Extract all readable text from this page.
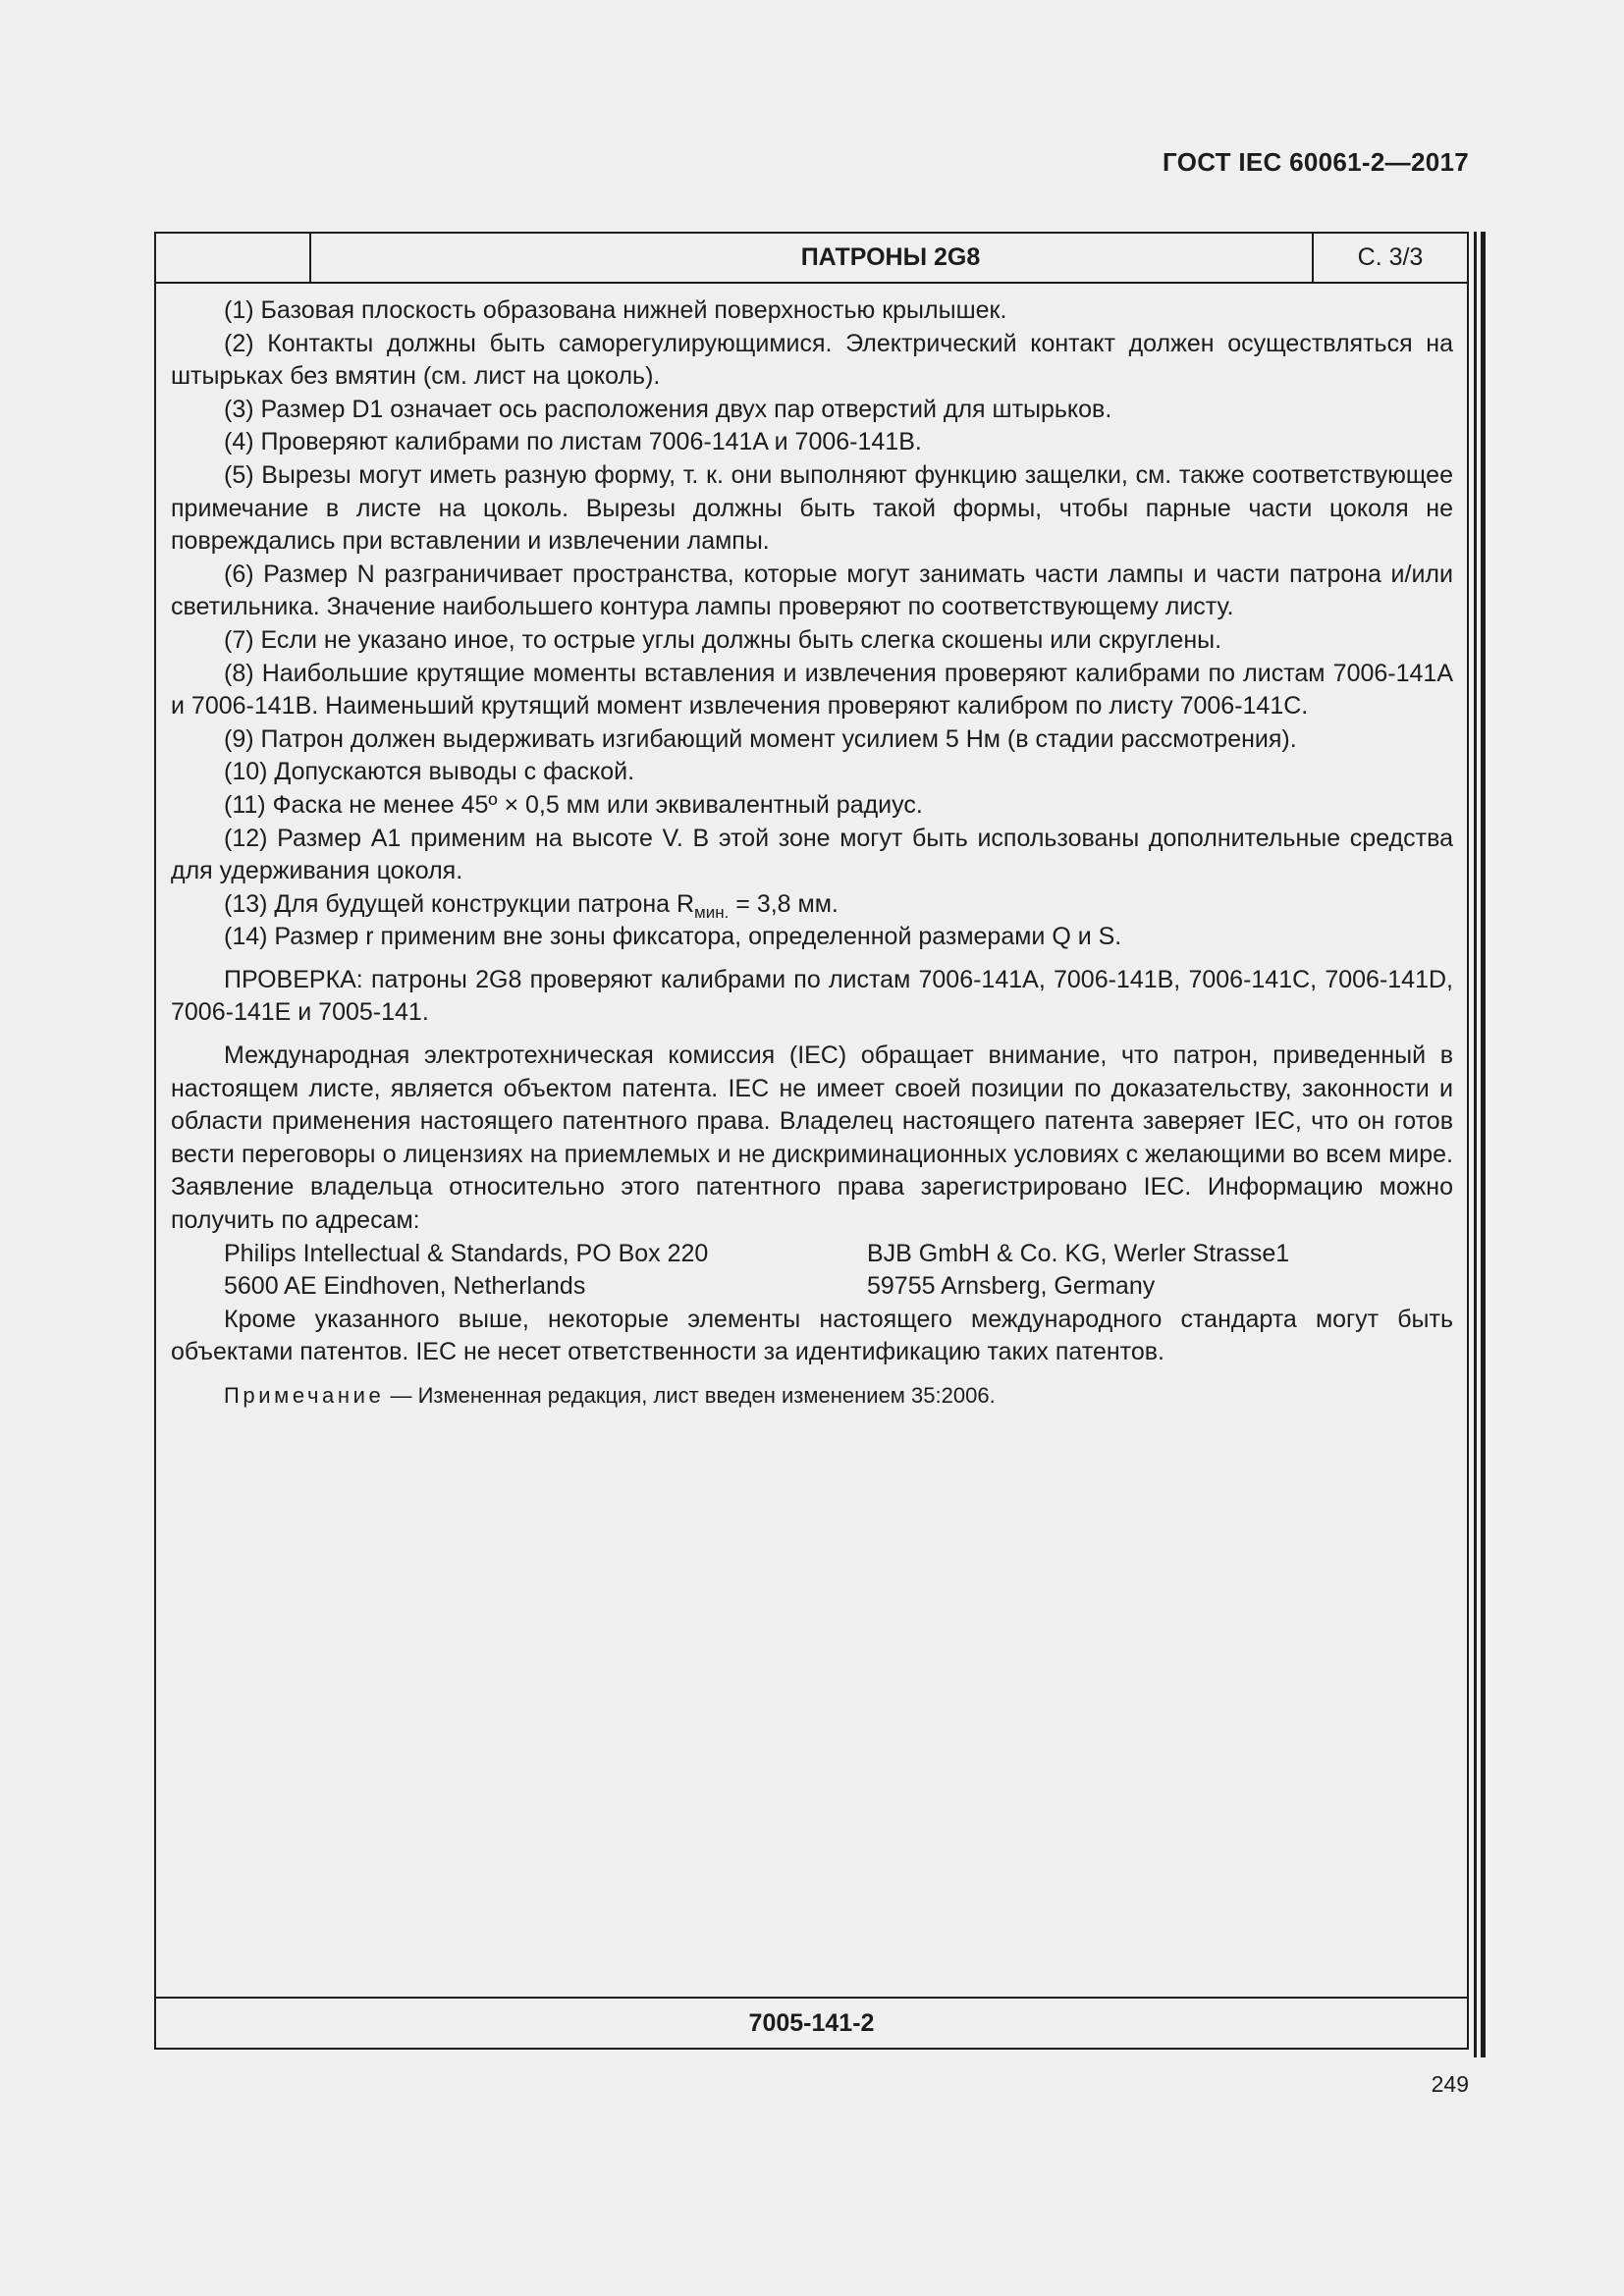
ГОСТ IEC 60061-2—2017
ПАТРОНЫ 2G8	С. 3/3

(1) Базовая плоскость образована нижней поверхностью крылышек.

(2) Контакты должны быть саморегулирующимися. Электрический контакт должен осуществляться на штырьках без вмятин (см. лист на цоколь).

(3) Размер D1 означает ось расположения двух пар отверстий для штырьков.

(4) Проверяют калибрами по листам 7006-141A и 7006-141B.

(5) Вырезы могут иметь разную форму, т. к. они выполняют функцию защелки, см. также соответствующее примечание в листе на цоколь. Вырезы должны быть такой формы, чтобы парные части цоколя не повреждались при вставлении и извлечении лампы.

(6) Размер N разграничивает пространства, которые могут занимать части лампы и части патрона и/или светильника. Значение наибольшего контура лампы проверяют по соответствующему листу.

(7) Если не указано иное, то острые углы должны быть слегка скошены или скруглены.

(8) Наибольшие крутящие моменты вставления и извлечения проверяют калибрами по листам 7006-141A и 7006-141B. Наименьший крутящий момент извлечения проверяют калибром по листу 7006-141C.

(9) Патрон должен выдерживать изгибающий момент усилием 5 Нм (в стадии рассмотрения).

(10) Допускаются выводы с фаской.

(11) Фаска не менее 45º × 0,5 мм или эквивалентный радиус.

(12) Размер A1 применим на высоте V. В этой зоне могут быть использованы дополнительные средства для удерживания цоколя.

(13) Для будущей конструкции патрона $R_{мин.} = 3,8$ мм.

(14) Размер r применим вне зоны фиксатора, определенной размерами Q и S.

ПРОВЕРКА: патроны 2G8 проверяют калибрами по листам 7006-141A, 7006-141B, 7006-141C, 7006-141D, 7006-141E и 7005-141.

Международная электротехническая комиссия (IEC) обращает внимание, что патрон, приведенный в настоящем листе, является объектом патента. IEC не имеет своей позиции по доказательству, законности и области применения настоящего патентного права. Владелец настоящего патента заверяет IEC, что он готов вести переговоры о лицензиях на приемлемых и не дискриминационных условиях с желающими во всем мире. Заявление владельца относительно этого патентного права зарегистрировано IEC. Информацию можно получить по адресам:

Philips Intellectual & Standards, PO Box 220	BJB GmbH & Co. KG, Werler Strasse1
5600 AE Eindhoven, Netherlands	59755 Arnsberg, Germany

Кроме указанного выше, некоторые элементы настоящего международного стандарта могут быть объектами патентов. IEC не несет ответственности за идентификацию таких патентов.

Примечание — Измененная редакция, лист введен изменением 35:2006.
7005-141-2
249
